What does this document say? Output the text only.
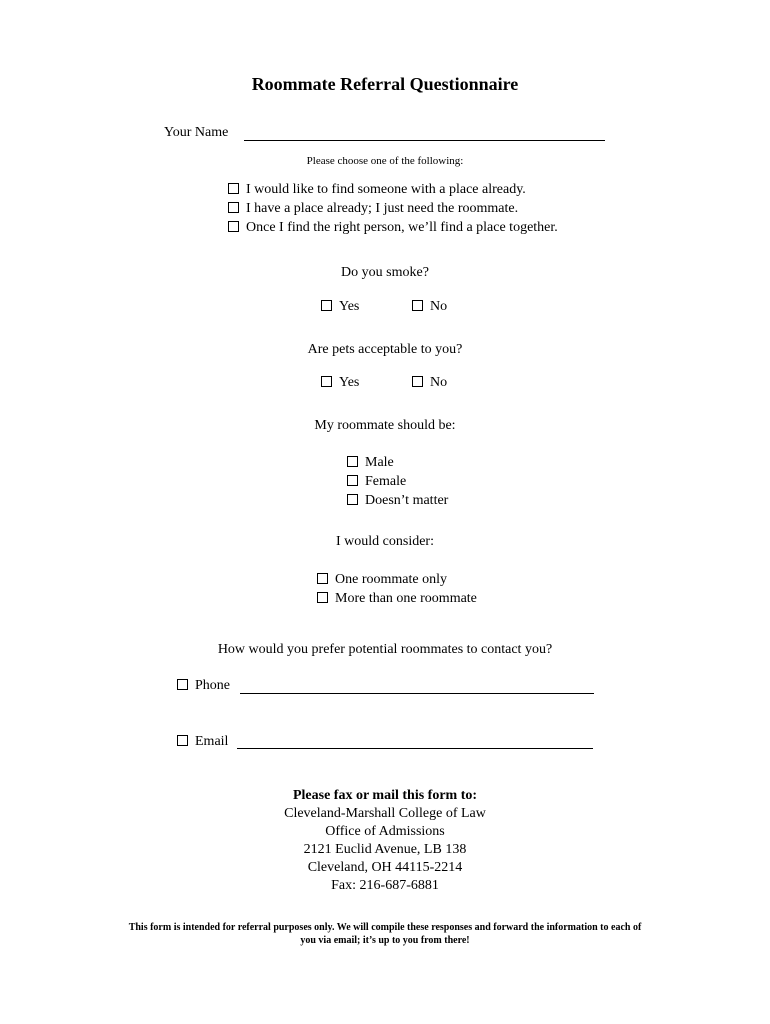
Roommate Referral Questionnaire
Your Name
Please choose one of the following:
I would like to find someone with a place already.
I have a place already; I just need the roommate.
Once I find the right person, we’ll find a place together.
Do you smoke?
Yes	No
Are pets acceptable to you?
Yes	No
My roommate should be:
Male
Female
Doesn’t matter
I would consider:
One roommate only
More than one roommate
How would you prefer potential roommates to contact you?
Phone
Email
Please fax or mail this form to:
Cleveland-Marshall College of Law
Office of Admissions
2121 Euclid Avenue, LB 138
Cleveland, OH 44115-2214
Fax: 216-687-6881
This form is intended for referral purposes only. We will compile these responses and forward the information to each of
you via email; it’s up to you from there!
